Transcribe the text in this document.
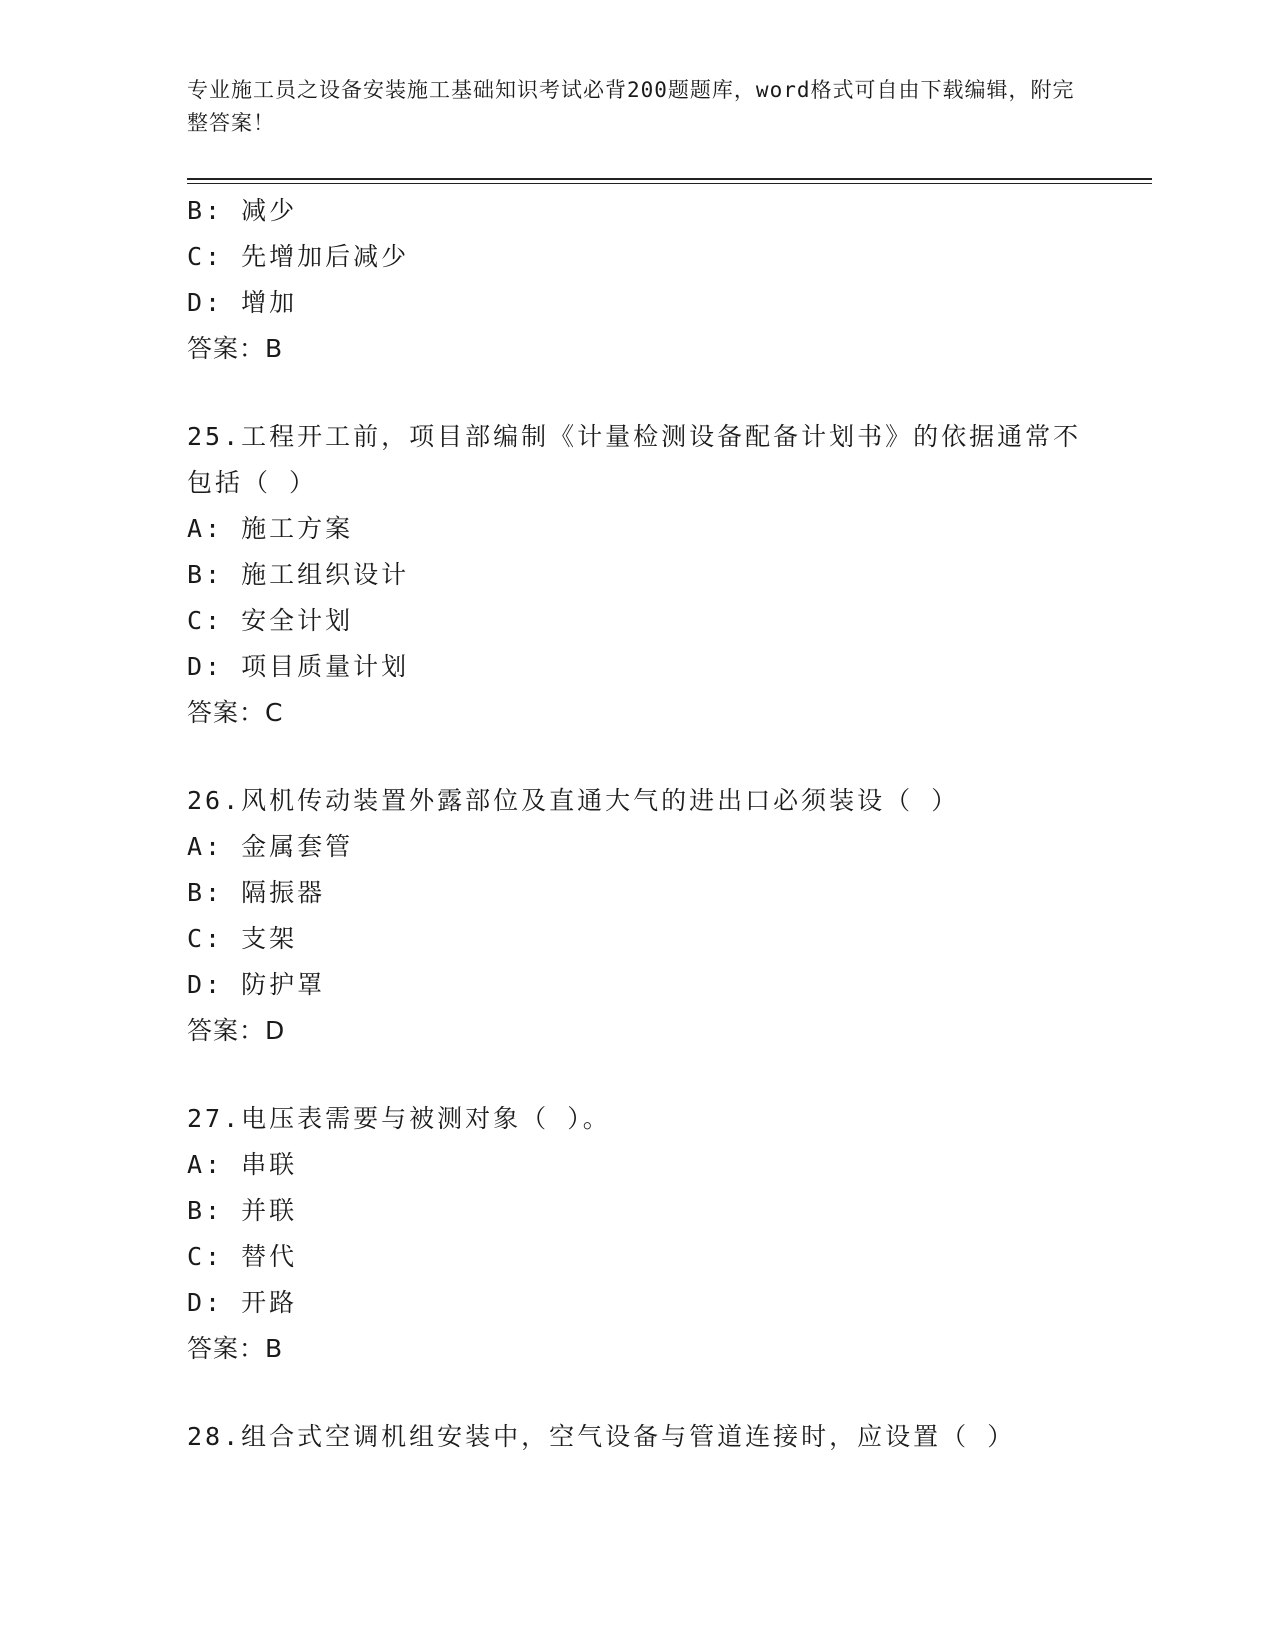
专业施工员之设备安装施工基础知识考试必背200题题库，word格式可自由下载编辑，附完整答案！
B: 减少
C: 先增加后减少
D: 增加
答案：B
25.工程开工前，项目部编制《计量检测设备配备计划书》的依据通常不包括（ ）
A: 施工方案
B: 施工组织设计
C: 安全计划
D: 项目质量计划
答案：C
26.风机传动装置外露部位及直通大气的进出口必须装设（ ）
A: 金属套管
B: 隔振器
C: 支架
D: 防护罩
答案：D
27.电压表需要与被测对象（ ）。
A: 串联
B: 并联
C: 替代
D: 开路
答案：B
28.组合式空调机组安装中，空气设备与管道连接时，应设置（ ）
